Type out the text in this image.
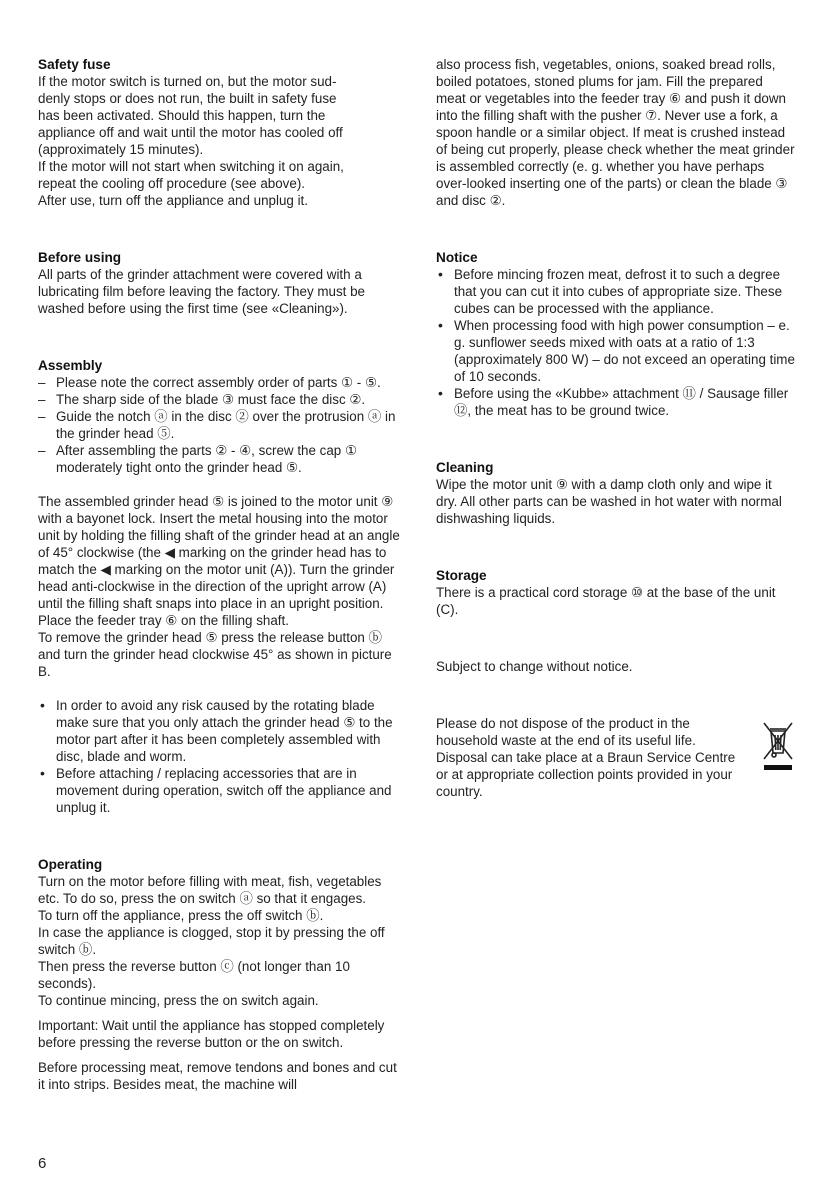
Safety fuse

If the motor switch is turned on, but the motor sud-

denly stops or does not run, the built in safety fuse

has been activated. Should this happen, turn the

appliance off and wait until the motor has cooled off

(approximately 15 minutes).

If the motor will not start when switching it on again,

repeat the cooling off procedure (see above).

After use, turn off the appliance and unplug it.

Before using

All parts of the grinder attachment were covered with a lubricating film before leaving the factory. They must be washed before using the first time (see «Cleaning»).

Assembly
– Please note the correct assembly order of parts ① - ⑤.
– The sharp side of the blade ③ must face the disc ②.
– Guide the notch ⓐ in the disc ② over the protrusion ⓐ in the grinder head ⑤.
– After assembling the parts ② - ④, screw the cap ① moderately tight onto the grinder head ⑤.

The assembled grinder head ⑤ is joined to the motor unit ⑨ with a bayonet lock. Insert the metal housing into the motor unit by holding the filling shaft of the grinder head at an angle of 45° clockwise (the ◀ marking on the grinder head has to match the ◀ marking on the motor unit (A)). Turn the grinder head anti-clockwise in the direction of the upright arrow (A) until the filling shaft snaps into place in an upright position. Place the feeder tray ⑥ on the filling shaft.

To remove the grinder head ⑤ press the release button ⓑ and turn the grinder head clockwise 45° as shown in picture B.

• In order to avoid any risk caused by the rotating blade make sure that you only attach the grinder head ⑤ to the motor part after it has been completely assembled with disc, blade and worm.
• Before attaching / replacing accessories that are in movement during operation, switch off the appliance and unplug it.
Operating

Turn on the motor before filling with meat, fish, vegetables etc. To do so, press the on switch ⓐ so that it engages.

To turn off the appliance, press the off switch ⓑ.

In case the appliance is clogged, stop it by pressing the off switch ⓑ.

Then press the reverse button ⓒ (not longer than 10 seconds).

To continue mincing, press the on switch again.

Important: Wait until the appliance has stopped completely before pressing the reverse button or the on switch.

Before processing meat, remove tendons and bones and cut it into strips. Besides meat, the machine will

6

also process fish, vegetables, onions, soaked bread rolls, boiled potatoes, stoned plums for jam. Fill the prepared meat or vegetables into the feeder tray ⑥ and push it down into the filling shaft with the pusher ⑦. Never use a fork, a spoon handle or a similar object. If meat is crushed instead of being cut properly, please check whether the meat grinder is assembled correctly (e. g. whether you have perhaps over-looked inserting one of the parts) or clean the blade ③ and disc ②.

Notice
• Before mincing frozen meat, defrost it to such a degree that you can cut it into cubes of appropriate size. These cubes can be processed with the appliance.
• When processing food with high power consumption – e. g. sunflower seeds mixed with oats at a ratio of 1:3 (approximately 800 W) – do not exceed an operating time of 10 seconds.
• Before using the «Kubbe» attachment ⑪ / Sausage filler ⑫, the meat has to be ground twice.
Cleaning

Wipe the motor unit ⑨ with a damp cloth only and wipe it dry. All other parts can be washed in hot water with normal dishwashing liquids.

Storage

There is a practical cord storage ⑩ at the base of the unit (C).

Subject to change without notice.

Please do not dispose of the product in the household waste at the end of its useful life. Disposal can take place at a Braun Service Centre or at appropriate collection points provided in your country.
